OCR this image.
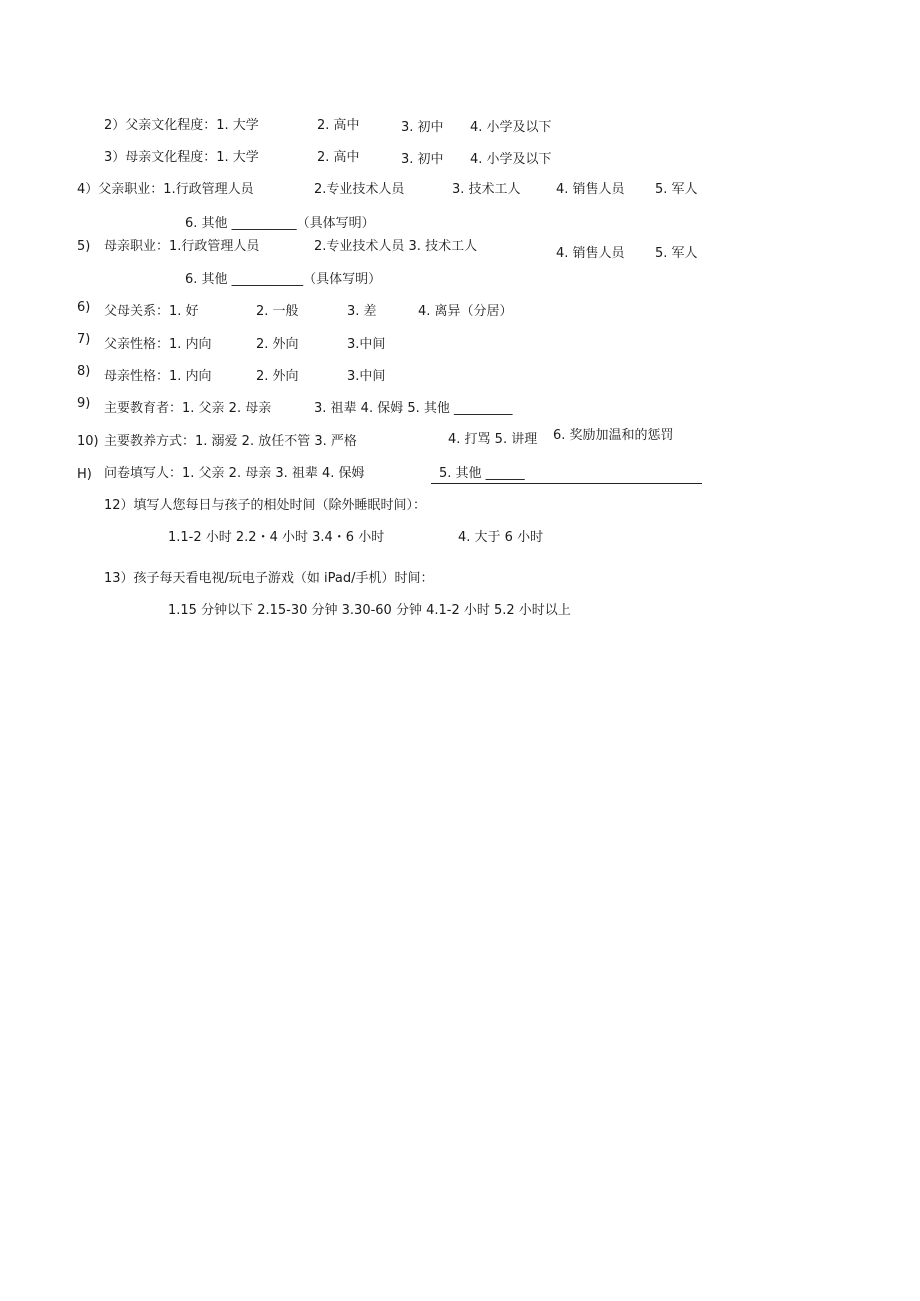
2）父亲文化程度：1. 大学	2. 高中	3. 初中 4. 小学及以下
3）母亲文化程度：1. 大学	2. 高中	3. 初中 4. 小学及以下
4）父亲职业：1.行政管理人员	2.专业技术人员	3. 技术工人	4. 销售人员 5. 军人
6. 其他 __________（具体写明）
5) 母亲职业：1.行政管理人员	2.专业技术人员 3. 技术工人	4. 销售人员 5. 军人
6. 其他 ___________（具体写明）
6) 父母关系：1. 好	2. 一般	3. 差	4. 离异（分居）
7) 父亲性格：1. 内向	2. 外向	3.中间
8) 母亲性格：1. 内向	2. 外向	3.中间
9) 主要教育者：1. 父亲 2. 母亲	3. 祖辈 4. 保姆 5. 其他 _________
10) 主要教养方式：1. 溺爱 2. 放任不管 3. 严格	4. 打骂 5. 讲理 6. 奖励加温和的惩罚
H) 问卷填写人：1. 父亲 2. 母亲 3. 祖辈 4. 保姆	5. 其他 ______
12）填写人您每日与孩子的相处时间（除外睡眠时间）：
1.1-2 小时 2.2・4 小时 3.4・6 小时	4. 大于 6 小时
13）孩子每天看电视/玩电子游戏（如 iPad/手机）时间：
1.15 分钟以下 2.15-30 分钟 3.30-60 分钟 4.1-2 小时 5.2 小时以上
